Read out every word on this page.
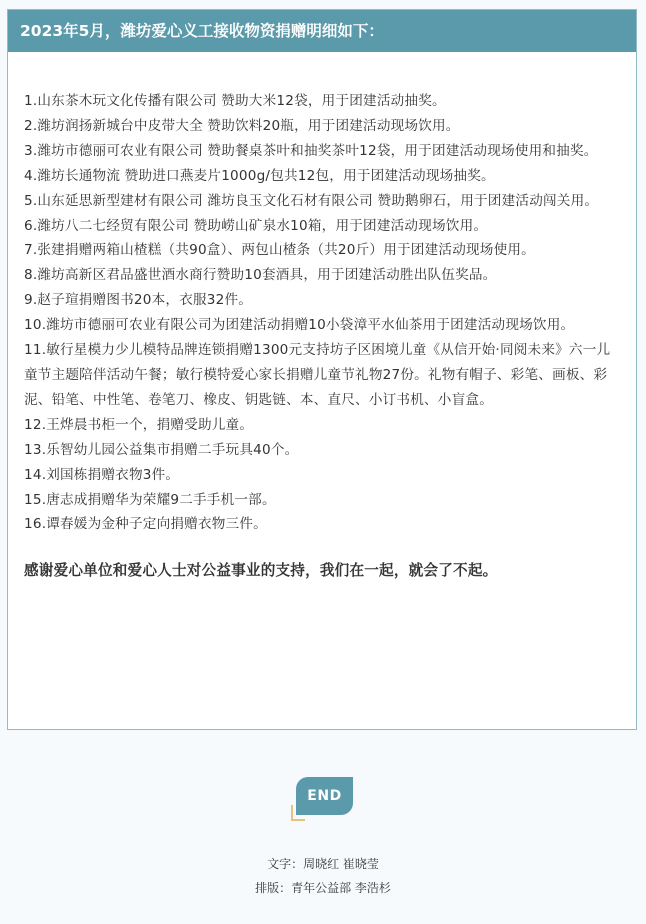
2023年5月，潍坊爱心义工接收物资捐赠明细如下：
1.山东茶木玩文化传播有限公司 赞助大米12袋，用于团建活动抽奖。
2.潍坊润扬新城台中皮带大全 赞助饮料20瓶，用于团建活动现场饮用。
3.潍坊市德丽可农业有限公司 赞助餐桌茶叶和抽奖茶叶12袋，用于团建活动现场使用和抽奖。
4.潍坊长通物流 赞助进口燕麦片1000g/包共12包，用于团建活动现场抽奖。
5.山东延思新型建材有限公司 潍坊良玉文化石材有限公司 赞助鹅卵石，用于团建活动闯关用。
6.潍坊八二七经贸有限公司 赞助崂山矿泉水10箱，用于团建活动现场饮用。
7.张建捐赠两箱山楂糕（共90盒）、两包山楂条（共20斤）用于团建活动现场使用。
8.潍坊高新区君品盛世酒水商行赞助10套酒具，用于团建活动胜出队伍奖品。
9.赵子瑄捐赠图书20本，衣服32件。
10.潍坊市德丽可农业有限公司为团建活动捐赠10小袋漳平水仙茶用于团建活动现场饮用。
11.敏行星模力少儿模特品牌连锁捐赠1300元支持坊子区困境儿童《从信开始·同阅未来》六一儿童节主题陪伴活动午餐；敏行模特爱心家长捐赠儿童节礼物27份。礼物有帽子、彩笔、画板、彩泥、铅笔、中性笔、卷笔刀、橡皮、钥匙链、本、直尺、小订书机、小盲盒。
12.王烨晨书柜一个，捐赠受助儿童。
13.乐智幼儿园公益集市捐赠二手玩具40个。
14.刘国栋捐赠衣物3件。
15.唐志成捐赠华为荣耀9二手手机一部。
16.谭春媛为金种子定向捐赠衣物三件。
感谢爱心单位和爱心人士对公益事业的支持，我们在一起，就会了不起。
END
文字：周晓红 崔晓莹
排版：青年公益部 李浩杉
